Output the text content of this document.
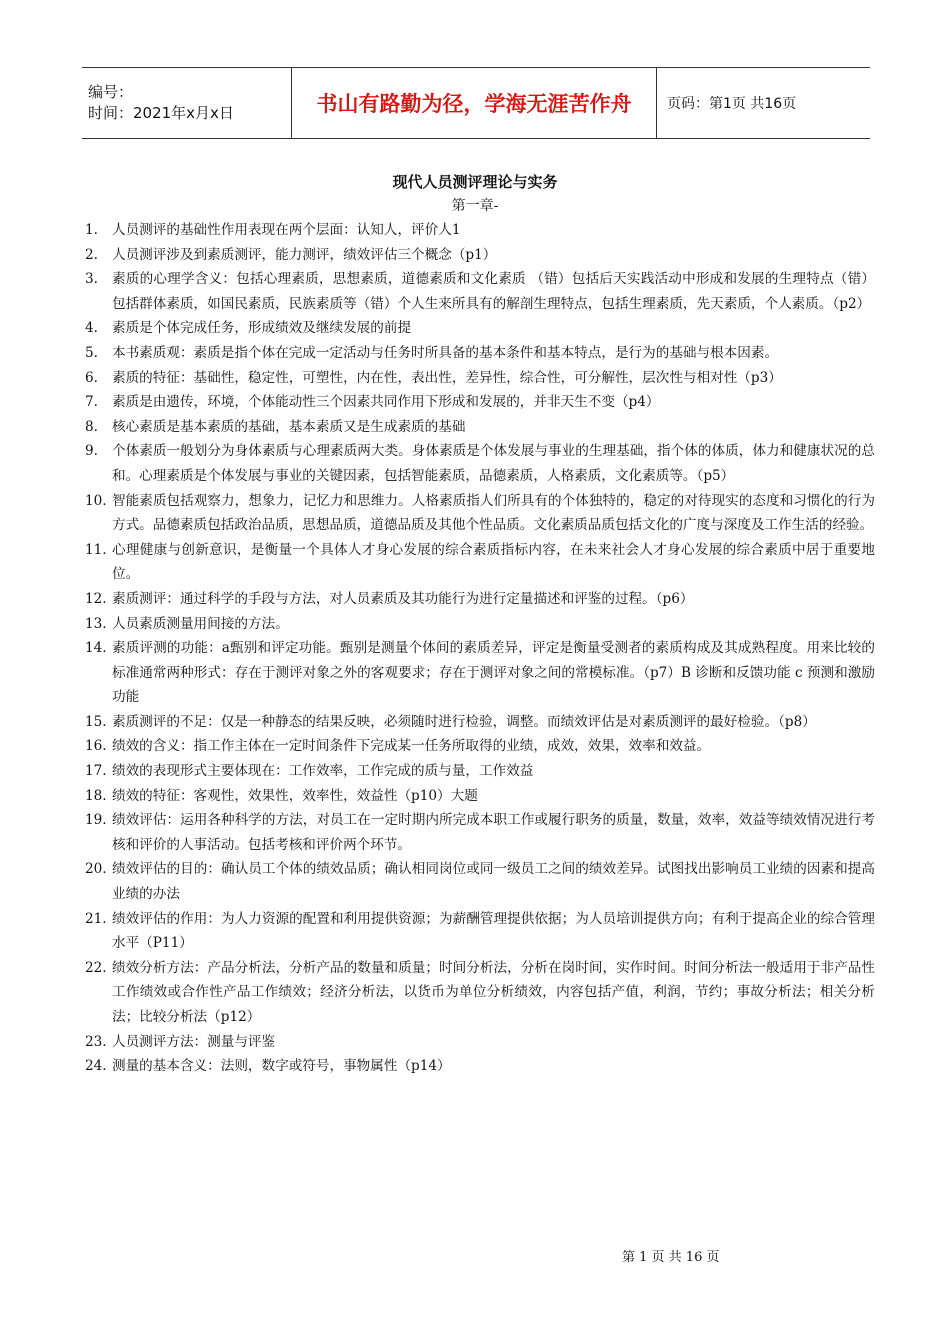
编号：
时间：2021年x月x日	书山有路勤为径，学海无涯苦作舟	页码：第1页 共16页
现代人员测评理论与实务
第一章-
1.	人员测评的基础性作用表现在两个层面：认知人，评价人1
2.	人员测评涉及到素质测评，能力测评，绩效评估三个概念（p1）
3.	素质的心理学含义：包括心理素质，思想素质，道德素质和文化素质 （错）包括后天实践活动中形成和发展的生理特点（错）包括群体素质，如国民素质，民族素质等（错）个人生来所具有的解剖生理特点，包括生理素质，先天素质，个人素质。（p2）
4.	素质是个体完成任务，形成绩效及继续发展的前提
5.	本书素质观：素质是指个体在完成一定活动与任务时所具备的基本条件和基本特点，是行为的基础与根本因素。
6.	素质的特征：基础性，稳定性，可塑性，内在性，表出性，差异性，综合性，可分解性，层次性与相对性（p3）
7.	素质是由遗传，环境，个体能动性三个因素共同作用下形成和发展的，并非天生不变（p4）
8.	核心素质是基本素质的基础，基本素质又是生成素质的基础
9.	个体素质一般划分为身体素质与心理素质两大类。身体素质是个体发展与事业的生理基础，指个体的体质，体力和健康状况的总和。心理素质是个体发展与事业的关键因素，包括智能素质，品德素质，人格素质，文化素质等。（p5）
10. 智能素质包括观察力，想象力，记忆力和思维力。人格素质指人们所具有的个体独特的，稳定的对待现实的态度和习惯化的行为方式。品德素质包括政治品质，思想品质，道德品质及其他个性品质。文化素质品质包括文化的广度与深度及工作生活的经验。
11. 心理健康与创新意识，是衡量一个具体人才身心发展的综合素质指标内容，在未来社会人才身心发展的综合素质中居于重要地位。
12. 素质测评：通过科学的手段与方法，对人员素质及其功能行为进行定量描述和评鉴的过程。（p6）
13. 人员素质测量用间接的方法。
14. 素质评测的功能：a甄别和评定功能。甄别是测量个体间的素质差异，评定是衡量受测者的素质构成及其成熟程度。用来比较的标准通常两种形式：存在于测评对象之外的客观要求；存在于测评对象之间的常模标准。（p7）B 诊断和反馈功能 c 预测和激励功能
15. 素质测评的不足：仅是一种静态的结果反映，必须随时进行检验，调整。而绩效评估是对素质测评的最好检验。（p8）
16. 绩效的含义：指工作主体在一定时间条件下完成某一任务所取得的业绩，成效，效果，效率和效益。
17. 绩效的表现形式主要体现在：工作效率，工作完成的质与量，工作效益
18. 绩效的特征：客观性，效果性，效率性，效益性（p10）大题
19. 绩效评估：运用各种科学的方法，对员工在一定时期内所完成本职工作或履行职务的质量，数量，效率，效益等绩效情况进行考核和评价的人事活动。包括考核和评价两个环节。
20. 绩效评估的目的：确认员工个体的绩效品质；确认相同岗位或同一级员工之间的绩效差异。试图找出影响员工业绩的因素和提高业绩的办法
21. 绩效评估的作用：为人力资源的配置和利用提供资源；为薪酬管理提供依据；为人员培训提供方向；有利于提高企业的综合管理水平（P11）
22. 绩效分析方法：产品分析法，分析产品的数量和质量；时间分析法，分析在岗时间，实作时间。时间分析法一般适用于非产品性工作绩效或合作性产品工作绩效；经济分析法，以货币为单位分析绩效，内容包括产值，利润，节约；事故分析法；相关分析法；比较分析法（p12）
23. 人员测评方法：测量与评鉴
24. 测量的基本含义：法则，数字或符号，事物属性（p14）
第 1 页 共 16 页
